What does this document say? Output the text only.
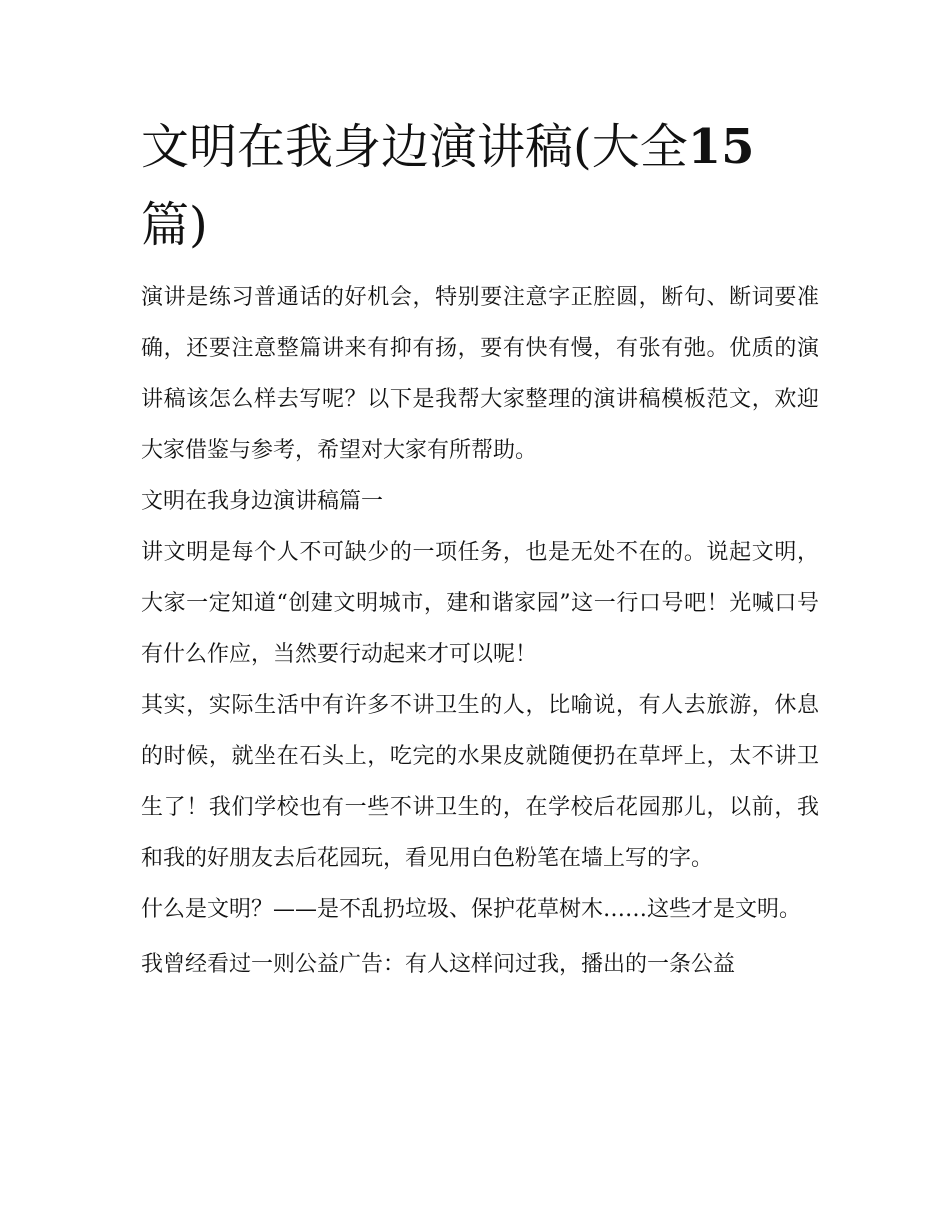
文明在我身边演讲稿(大全15
篇)

演讲是练习普通话的好机会，特别要注意字正腔圆，断句、断词要准确，还要注意整篇讲来有抑有扬，要有快有慢，有张有弛。优质的演讲稿该怎么样去写呢？以下是我帮大家整理的演讲稿模板范文，欢迎大家借鉴与参考，希望对大家有所帮助。

文明在我身边演讲稿篇一

讲文明是每个人不可缺少的一项任务，也是无处不在的。说起文明，大家一定知道“创建文明城市，建和谐家园”这一行口号吧！光喊口号有什么作应，当然要行动起来才可以呢！

其实，实际生活中有许多不讲卫生的人，比喻说，有人去旅游，休息的时候，就坐在石头上，吃完的水果皮就随便扔在草坪上，太不讲卫生了！我们学校也有一些不讲卫生的，在学校后花园那儿，以前，我和我的好朋友去后花园玩，看见用白色粉笔在墙上写的字。

什么是文明？——是不乱扔垃圾、保护花草树木……这些才是文明。

我曾经看过一则公益广告：有人这样问过我，播出的一条公益
